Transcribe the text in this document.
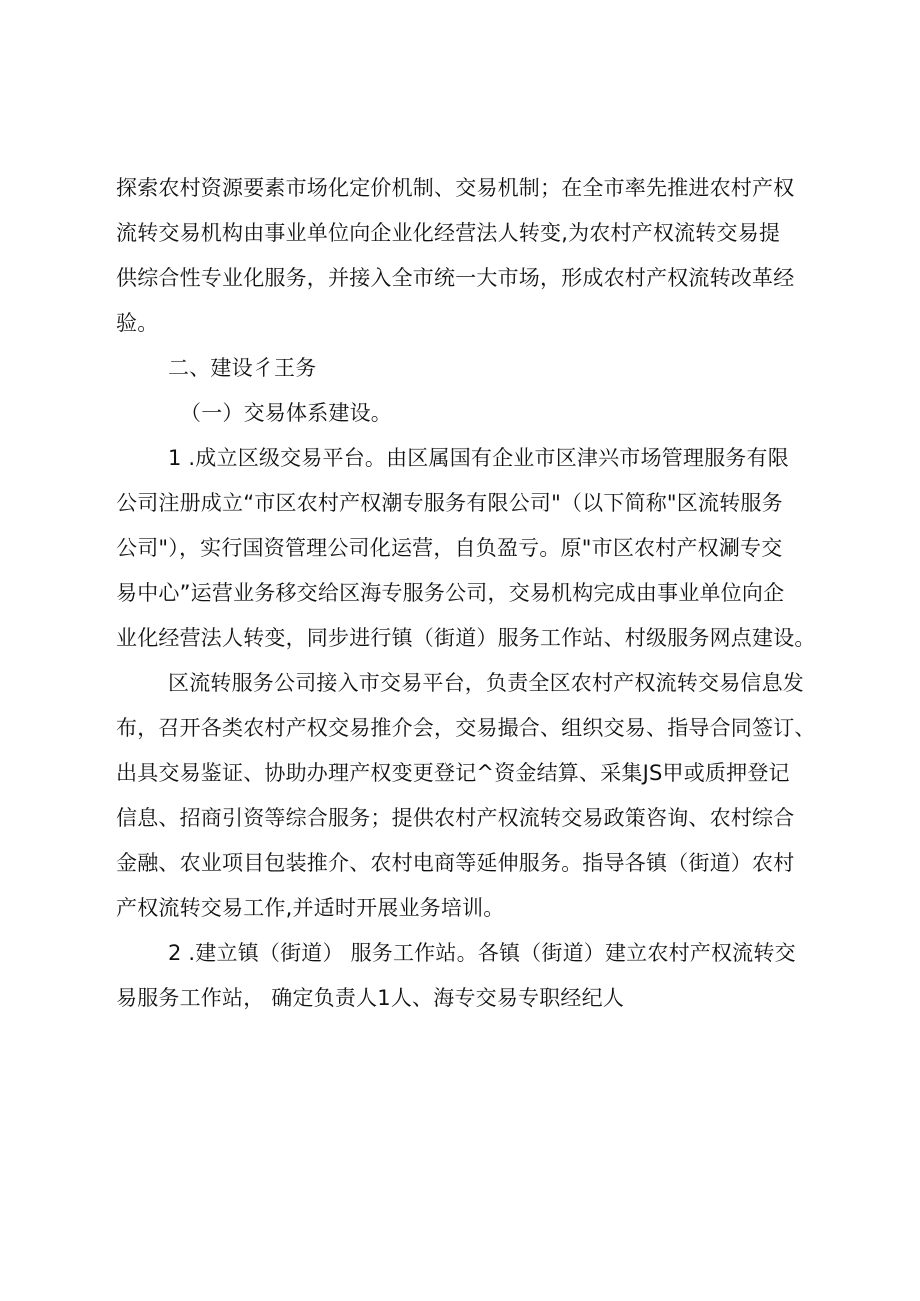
探索农村资源要素市场化定价机制、交易机制；在全市率先推进农村产权
流转交易机构由事业单位向企业化经营法人转变,为农村产权流转交易提
供综合性专业化服务，并接入全市统一大市场，形成农村产权流转改革经
验。
二、建设彳王务
（一）交易体系建设。
1 .成立区级交易平台。由区属国有企业市区津兴市场管理服务有限
公司注册成立“市区农村产权潮专服务有限公司"（以下简称"区流转服务
公司"），实行国资管理公司化运营，自负盈亏。原"市区农村产权涮专交
易中心”运营业务移交给区海专服务公司，交易机构完成由事业单位向企
业化经营法人转变，同步进行镇（街道）服务工作站、村级服务网点建设。
区流转服务公司接入市交易平台，负责全区农村产权流转交易信息发
布，召开各类农村产权交易推介会，交易撮合、组织交易、指导合同签订、
出具交易鉴证、协助办理产权变更登记^资金结算、采集JS甲或质押登记
信息、招商引资等综合服务；提供农村产权流转交易政策咨询、农村综合
金融、农业项目包装推介、农村电商等延伸服务。指导各镇（街道）农村
产权流转交易工作,并适时开展业务培训。
2 .建立镇（街道） 服务工作站。各镇（街道）建立农村产权流转交
易服务工作站， 确定负责人1人、海专交易专职经纪人
